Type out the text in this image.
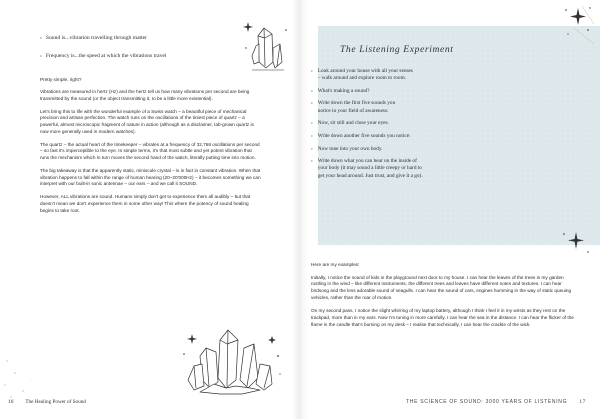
› Sound is...vibration travelling through matter
› Frequency is...the speed at which the vibrations travel

Pretty simple, right?

Vibrations are measured in hertz (Hz) and the hertz tell us how many vibrations per second are being transmitted by the sound (or the object transmitting it, to be a little more existential).

Let's bring this to life with the wonderful example of a Swiss watch – a beautiful piece of mechanical precision and artisan perfection. The watch runs on the oscillations of the tiniest piece of quartz – a powerful, almost microscopic fragment of nature in action (although as a disclaimer, lab-grown quartz is now more generally used in modern watches).

The quartz – the actual heart of the timekeeper – vibrates at a frequency of 32,768 oscillations per second – so fast it's imperceptible to the eye. In simple terms, it's that most subtle and yet potent vibration that runs the mechanism which in turn moves the second hand of the watch, literally putting time into motion.

The big takeaway is that the apparently static, miniscule crystal – is in fact in constant vibration. When that vibration happens to fall within the range of human hearing (20–20'000Hz) – it becomes something we can interpret with our built-in sonic antennae – our ears – and we call it SOUND.

However, ALL vibrations are sound. Humans simply don't get to experience them all audibly – but that doesn't mean we don't experience them in some other way! This where the potency of sound healing begins to take root.

16 The Healing Power of Sound
The Listening Experiment
› Look around your house with all your senses
– walk around and explore room to room.
› What's making a sound?
› Write down the first five sounds you
notice in your field of awareness:
› Now, sit still and close your eyes.
› Write down another five sounds you notice:
› Now tune into your own body.
› Write down what you can hear on the inside of
your body (it may sound a little creepy or hard to
get your head around. Just trust, and give it a go).

Here are my examples:

Initially, I notice the sound of kids in the playground next door to my house. I can hear the leaves of the trees in my garden rustling in the wind – like different instruments, the different trees and leaves have different notes and textures. I can hear birdsong and the less adorable sound of seagulls. I can hear the sound of cars, engines humming in the way of static queuing vehicles, rather than the roar of motion.

On my second pass, I notice the slight whirring of my laptop battery, although I think I feel it in my wrists as they rest on the trackpad, more than in my ears. Now I'm tuning in more carefully, I can hear the sea in the distance. I can hear the flicker of the flame in the candle that's burning on my desk – I realise that technically, I can hear the crackle of the wick.

THE SCIENCE OF SOUND: 3000 YEARS OF LISTENING 17
